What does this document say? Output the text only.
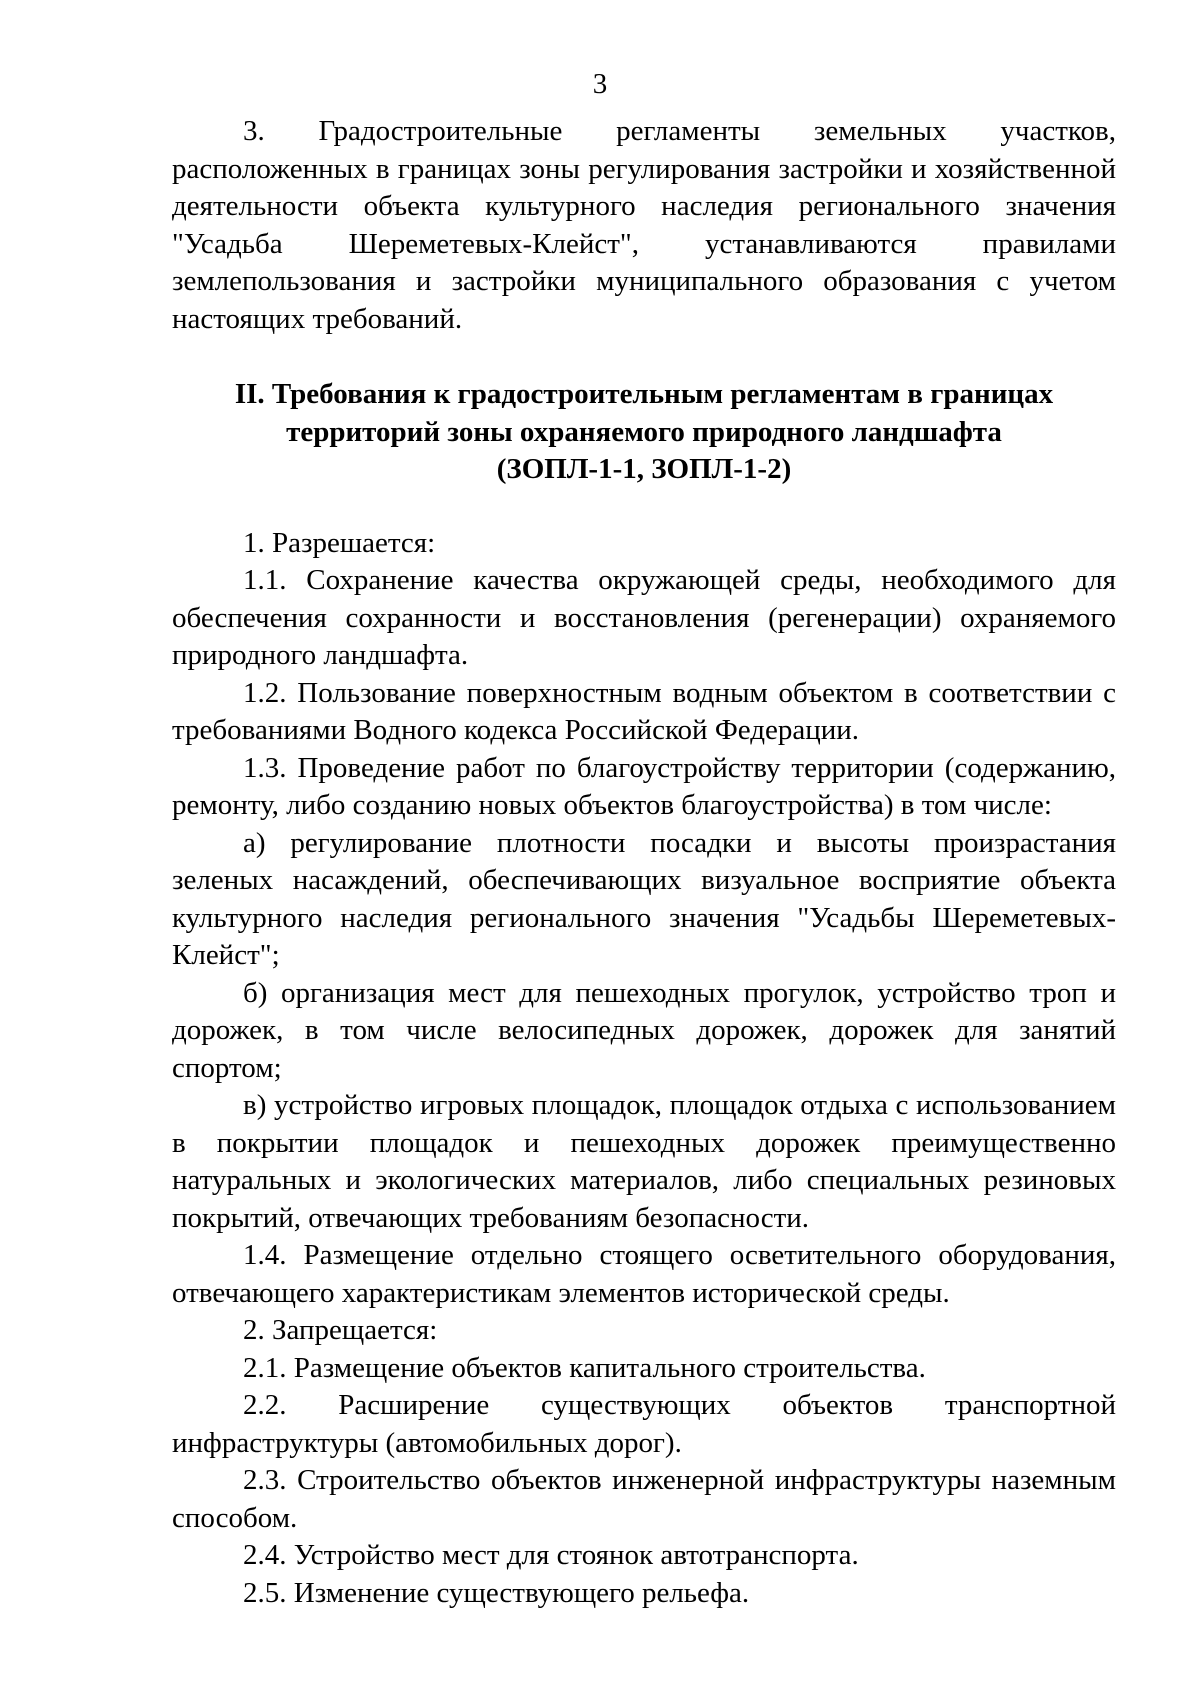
3

3. Градостроительные регламенты земельных участков, расположенных в границах зоны регулирования застройки и хозяйственной деятельности объекта культурного наследия регионального значения "Усадьба Шереметевых-Клейст", устанавливаются правилами землепользования и застройки муниципального образования с учетом настоящих требований.

II. Требования к градостроительным регламентам в границах
территорий зоны охраняемого природного ландшафта
(ЗОПЛ-1-1, ЗОПЛ-1-2)

1. Разрешается:

1.1. Сохранение качества окружающей среды, необходимого для обеспечения сохранности и восстановления (регенерации) охраняемого природного ландшафта.

1.2. Пользование поверхностным водным объектом в соответствии с требованиями Водного кодекса Российской Федерации.

1.3. Проведение работ по благоустройству территории (содержанию, ремонту, либо созданию новых объектов благоустройства) в том числе:

а) регулирование плотности посадки и высоты произрастания зеленых насаждений, обеспечивающих визуальное восприятие объекта культурного наследия регионального значения "Усадьбы Шереметевых-Клейст";

б) организация мест для пешеходных прогулок, устройство троп и дорожек, в том числе велосипедных дорожек, дорожек для занятий спортом;

в) устройство игровых площадок, площадок отдыха с использованием в покрытии площадок и пешеходных дорожек преимущественно натуральных и экологических материалов, либо специальных резиновых покрытий, отвечающих требованиям безопасности.

1.4. Размещение отдельно стоящего осветительного оборудования, отвечающего характеристикам элементов исторической среды.

2. Запрещается:

2.1. Размещение объектов капитального строительства.

2.2. Расширение существующих объектов транспортной инфраструктуры (автомобильных дорог).

2.3. Строительство объектов инженерной инфраструктуры наземным способом.

2.4. Устройство мест для стоянок автотранспорта.

2.5. Изменение существующего рельефа.
